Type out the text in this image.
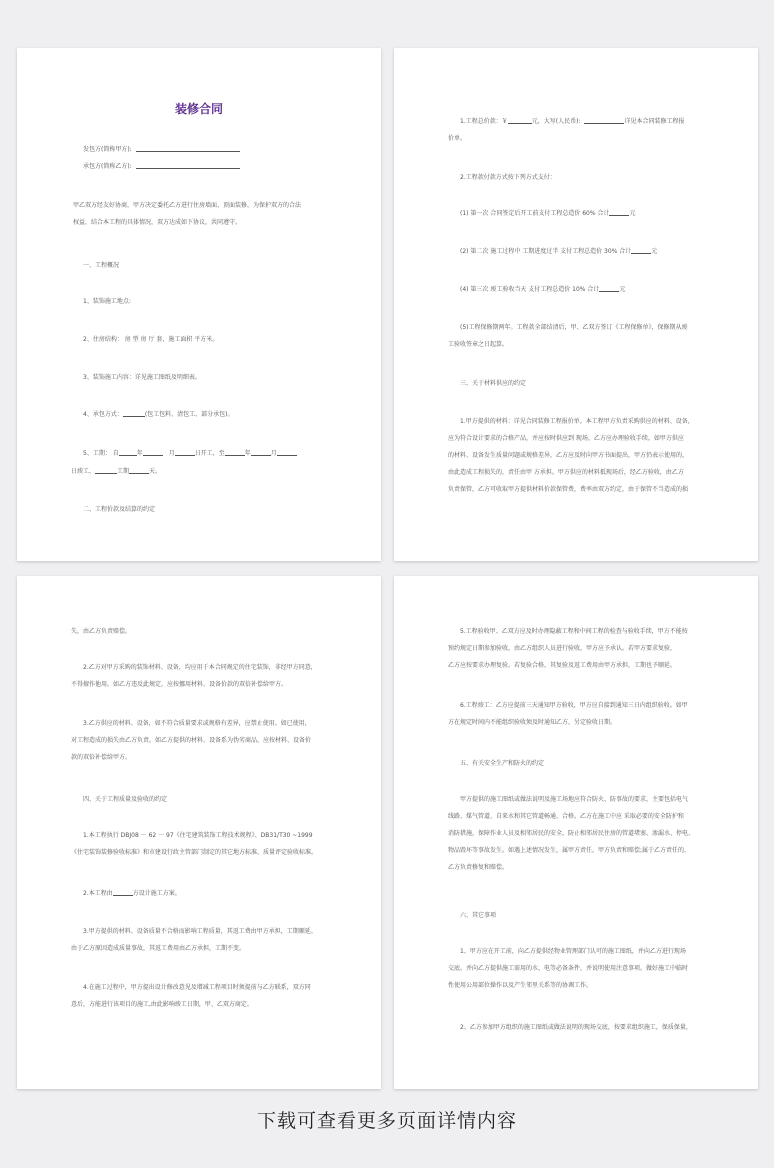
装修合同
发包方(简称甲方):
承包方(简称乙方):
甲乙双方经友好协商，甲方决定委托乙方进行住房墙面、顶面装修，为保护双方的合法
权益，结合本工程的具体情况，双方达成如下协议，共同遵守。
一、工程概况
1、装饰施工地点:
2、住房结构： 房 型 房 厅 套，施工面积 平方米。
3、装饰施工内容：详见施工图纸及明细表。
4、承包方式：	(包工包料、清包工、部分承包)。
5、工期： 自	年	月	日开工，至	年	月
日竣工，	工期	天。
二、工程价款及结算的约定
1.工程总价款：￥	元，大写(人民币):	详见本合同装修工程报
价单。
2.工程款付款方式按下列方式支付：
(1) 第一次 合同签定后开工前支付工程总造价 60% 合计	元
(2) 第二次 施工过程中 工期进度过半 支付工程总造价 30% 合计	元
(4) 第三次 竣工验收当天 支付工程总造价 10% 合计	元
(5)工程保修期两年。工程款全部结清后，甲、乙双方签订《工程保修单》，保修期从竣
工验收签章之日起算。
三、关于材料供应的约定
1.甲方提供的材料：详见合同装修工程报价单。本工程甲方负责采购供应的材料、设备，
应为符合设计要求的合格产品，并应按时供应到 现场。乙方应办理验收手续。如甲方供应
的材料、设备发生质量问题或规格差异，乙方应及时向甲方书面提出，甲方仍表示使用的，
由此造成工程损失的，责任由甲 方承担。甲方供应的材料抵现场后，经乙方验收，由乙方
负责保管，乙方可收取甲方提供材料价款保管费，费率由双方约定，由于保管不当造成的损
失，由乙方负责赔偿。
2.乙方对甲方采购的装饰材料、设备，均应用于本合同规定的住宅装饰，非经甲方同意，
不得擅作他用。如乙方违反此规定，应按挪用材料、设备价款的双倍补偿给甲方。
3.乙方供应的材料、设备，如不符合质量要求或规格有差异，应禁止使用。如已使用，
对工程造成的损失由乙方负责。如乙方提供的材料、设备系为伪劣商品，应按材料、设备价
款的双倍补偿给甲方。
四、关于工程质量及验收的约定
1.本工程执行 DBJ08 － 62 － 97《住宅建筑装饰工程技术规程》、DB31/T30 ~1999
《住宅装饰装修验收标准》和市建设行政主管部门制定的其它地方标准、质量评定验收标准。
2.本工程由	方设计施工方案。
3.甲方提供的材料、设备质量不合格而影响工程质量，其返工费由甲方承担，工期顺延。
由于乙方原因造成质量事故，其返工费用由乙方承担，工期不变。
4.在施工过程中，甲方提出设计修改意见及增减工程项目时须提前与乙方联系，双方同
意后，方能进行该项目的施工,由此影响竣工日期，甲、乙双方商定。
5.工程验收甲、乙双方应及时办理隐蔽工程和中间工程的检查与验收手续，甲方不能按
预约规定日期参加验收，由乙方组织人员进行验收，甲方应予承认。若甲方要求复验，
乙方应按要求办理复验。若复验合格，其复验及返工费用由甲方承担，工期也予顺延。
6.工程竣工：乙方应提前三天通知甲方验收，甲方应自接到通知三日内组织验收。如甲
方在规定时间内不能组织验收须及时通知乙方，另定验收日期。
五、有关安全生产和防火的约定
甲方提供的施工图纸或做法说明及施工场地应符合防火、防事故的要求，主要包括电气
线路、煤气管道、自来水和其它管道畅通、合格。乙方在施工中应 采取必要的安全防护和
消防措施，保障作业人员及相邻居民的安全，防止相邻居民住房的管道堵塞、渗漏水、停电、
物品毁坏等事故发生。如遇上述情况发生，属甲方责任，甲方负责和赔偿;属于乙方责任的，
乙方负责修复和赔偿。
六、其它事项
1、甲方应在开工前，向乙方提供经物业管理部门认可的施工图纸，并向乙方进行现场
交底。并向乙方提供施工需用的水、电等必备条件，并说明使用注意事项。做好施工中临时
性使用公用部位操作以及产生邻里关系等的协调工作。
2、乙方参加甲方组织的施工图纸或做法说明的现场交底，按要求组织施工，保质保量，
下载可查看更多页面详情内容
